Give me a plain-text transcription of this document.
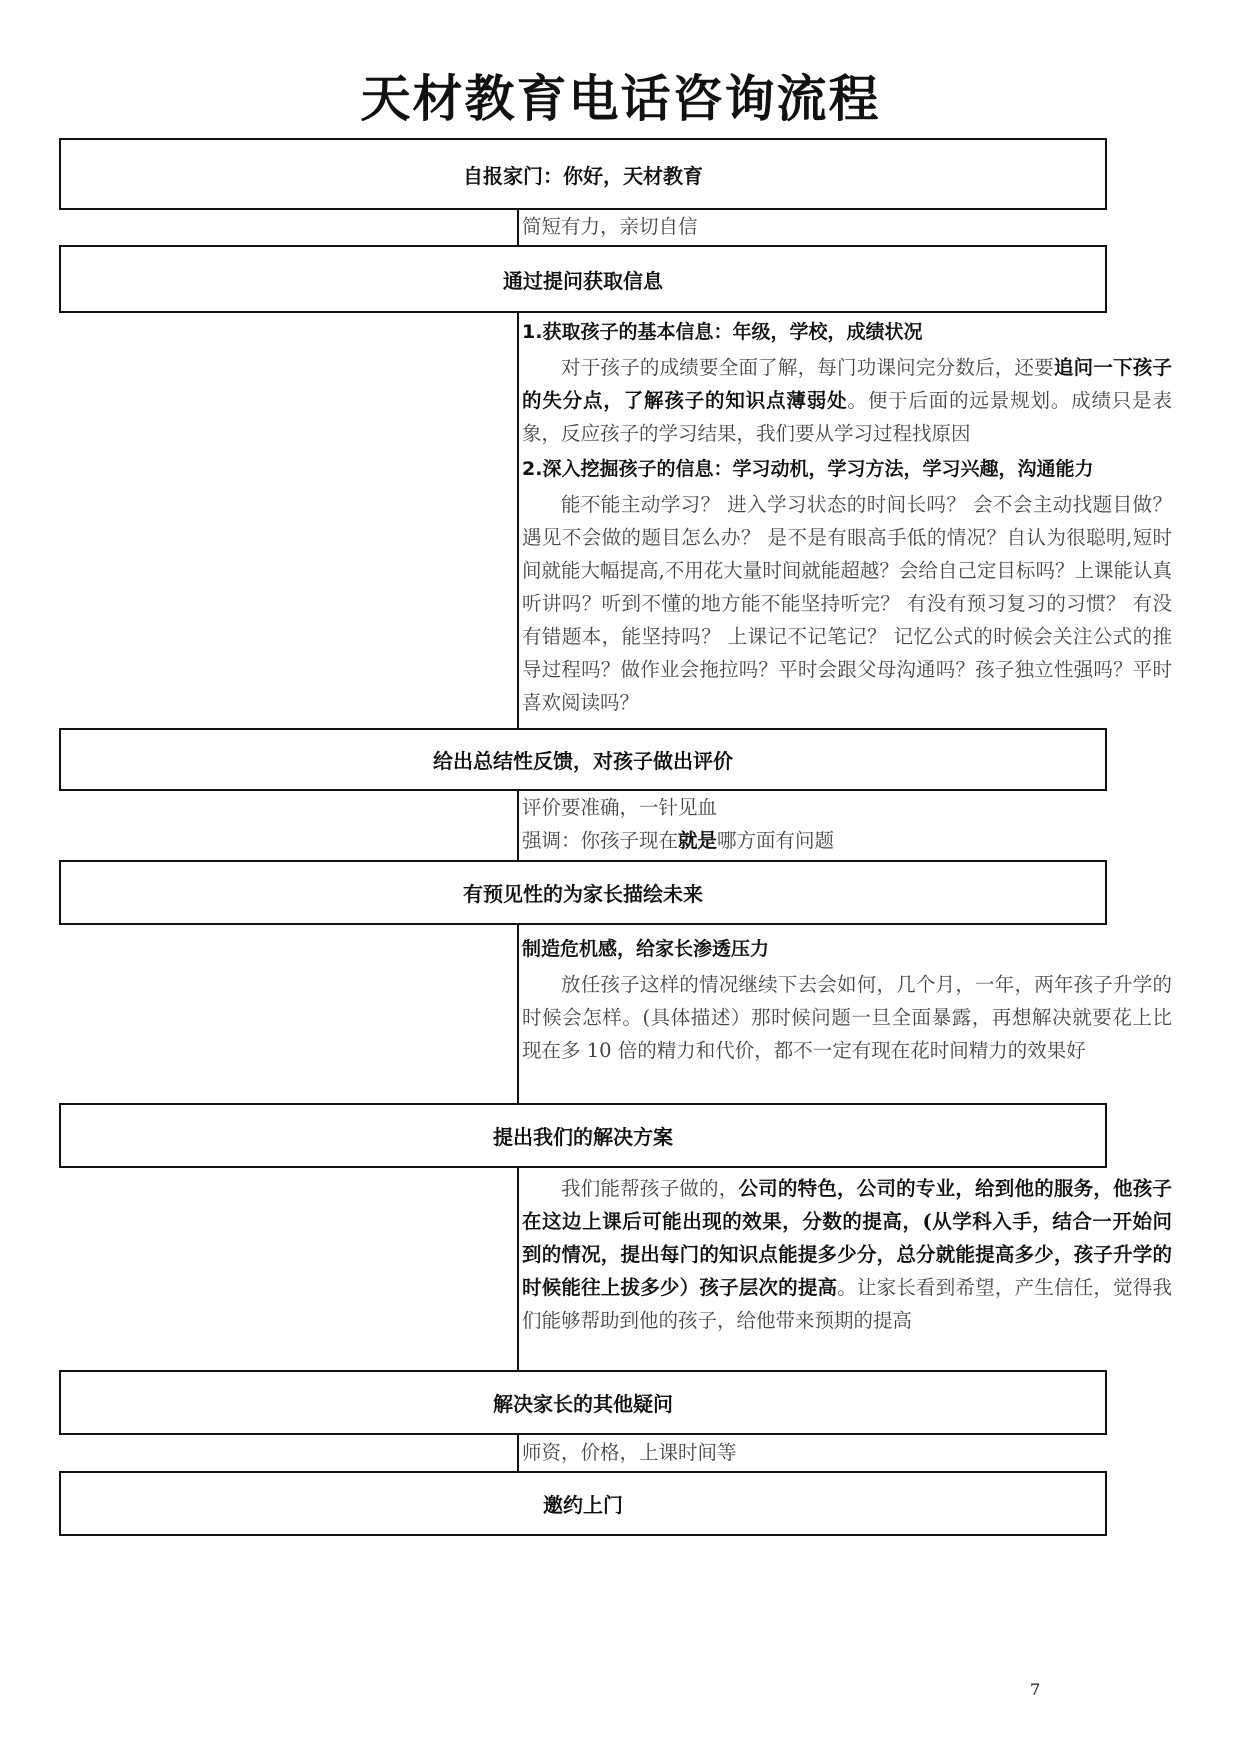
天材教育电话咨询流程
自报家门：你好，天材教育

简短有力，亲切自信

通过提问获取信息

1.获取孩子的基本信息：年级，学校，成绩状况

对于孩子的成绩要全面了解，每门功课问完分数后，还要追问一下孩子的失分点，了解孩子的知识点薄弱处。便于后面的远景规划。成绩只是表象，反应孩子的学习结果，我们要从学习过程找原因

2.深入挖掘孩子的信息：学习动机，学习方法，学习兴趣，沟通能力

能不能主动学习？ 进入学习状态的时间长吗？ 会不会主动找题目做？ 遇见不会做的题目怎么办？ 是不是有眼高手低的情况？自认为很聪明,短时间就能大幅提高,不用花大量时间就能超越？会给自己定目标吗？上课能认真听讲吗？听到不懂的地方能不能坚持听完？ 有没有预习复习的习惯？ 有没有错题本，能坚持吗？ 上课记不记笔记？ 记忆公式的时候会关注公式的推导过程吗？做作业会拖拉吗？平时会跟父母沟通吗？孩子独立性强吗？平时喜欢阅读吗？

给出总结性反馈，对孩子做出评价

评价要准确，一针见血

强调：你孩子现在就是哪方面有问题

有预见性的为家长描绘未来

制造危机感，给家长渗透压力

放任孩子这样的情况继续下去会如何，几个月，一年，两年孩子升学的时候会怎样。(具体描述）那时候问题一旦全面暴露，再想解决就要花上比现在多 10 倍的精力和代价，都不一定有现在花时间精力的效果好

提出我们的解决方案

我们能帮孩子做的，公司的特色，公司的专业，给到他的服务，他孩子在这边上课后可能出现的效果，分数的提高，(从学科入手，结合一开始问到的情况，提出每门的知识点能提多少分，总分就能提高多少，孩子升学的时候能往上拔多少）孩子层次的提高。让家长看到希望，产生信任，觉得我们能够帮助到他的孩子，给他带来预期的提高

解决家长的其他疑问

师资，价格，上课时间等

邀约上门
7
